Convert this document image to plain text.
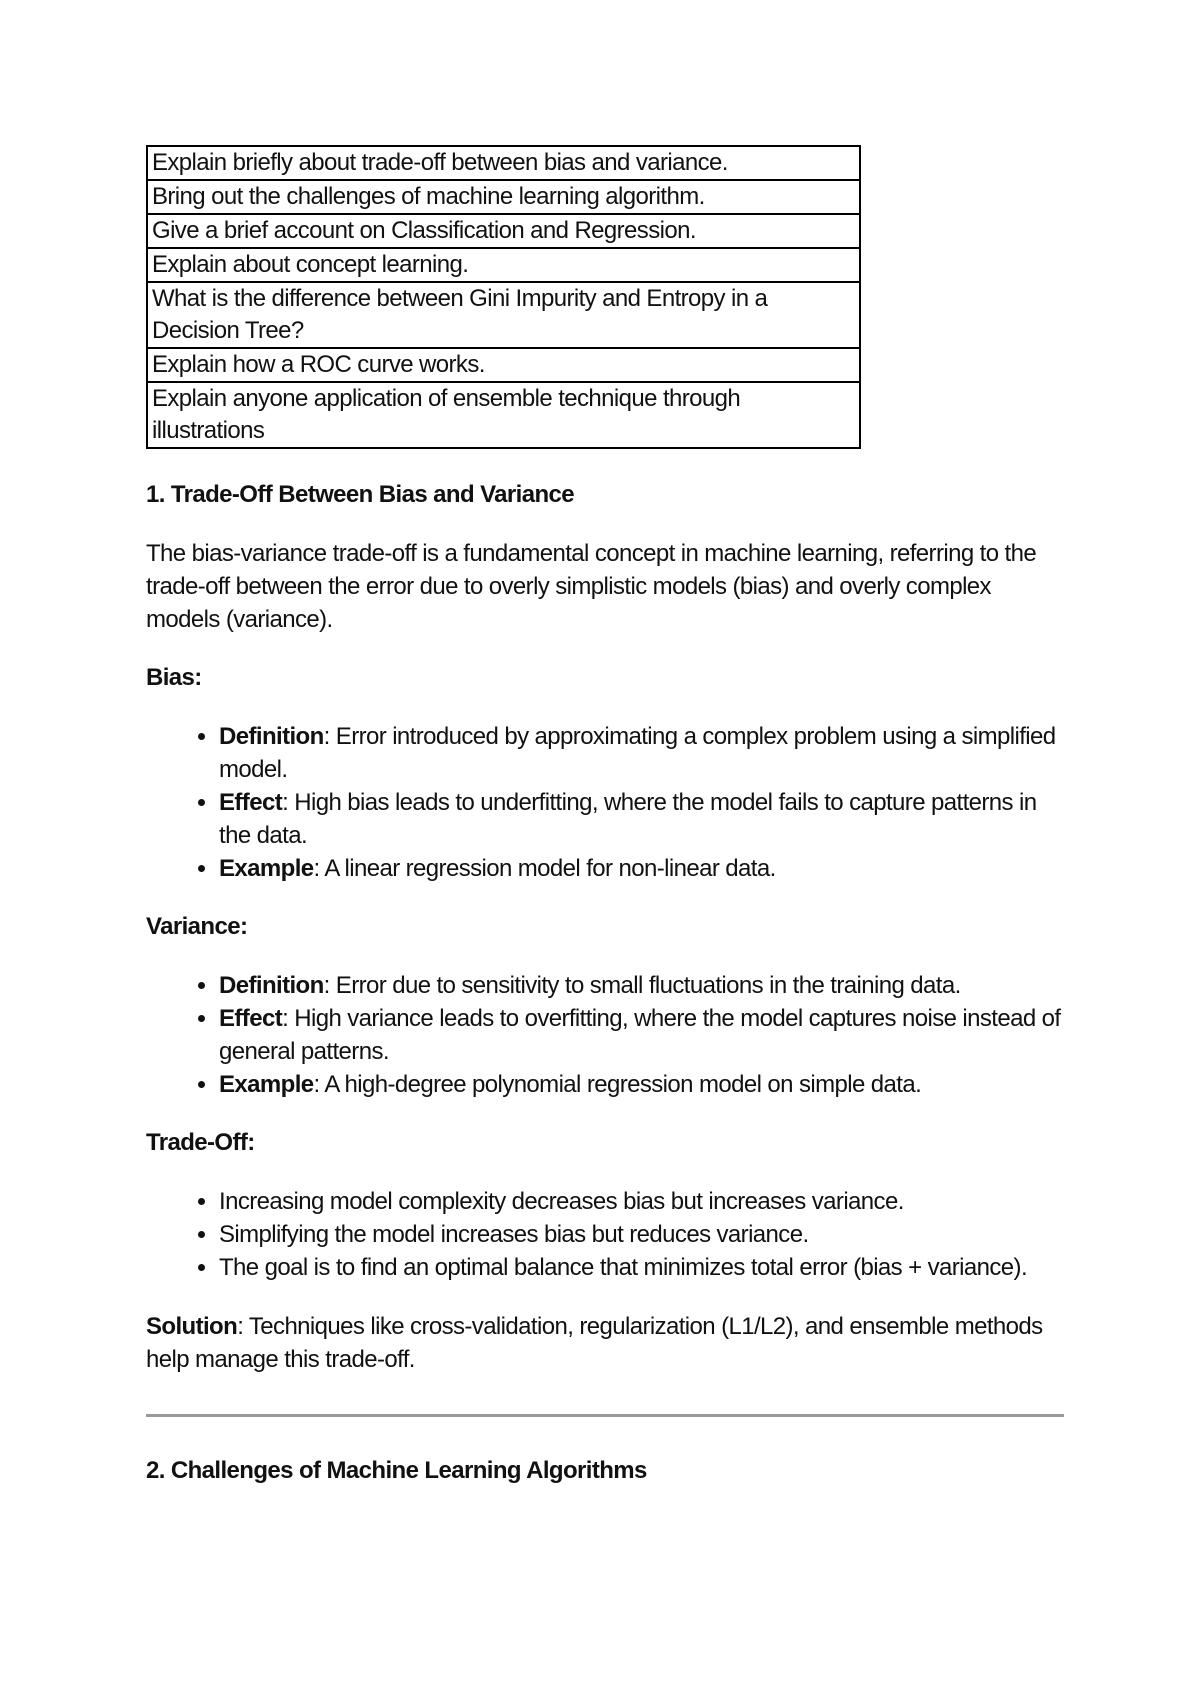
Explain briefly about trade-off between bias and variance.
Bring out the challenges of machine learning algorithm.
Give a brief account on Classification and Regression.
Explain about concept learning.
What is the difference between Gini Impurity and Entropy in a Decision Tree?
Explain how a ROC curve works.
Explain anyone application of ensemble technique through illustrations
1. Trade-Off Between Bias and Variance

The bias-variance trade-off is a fundamental concept in machine learning, referring to the trade-off between the error due to overly simplistic models (bias) and overly complex models (variance).

Bias:
• Definition: Error introduced by approximating a complex problem using a simplified model.
• Effect: High bias leads to underfitting, where the model fails to capture patterns in the data.
• Example: A linear regression model for non-linear data.
Variance:
• Definition: Error due to sensitivity to small fluctuations in the training data.
• Effect: High variance leads to overfitting, where the model captures noise instead of general patterns.
• Example: A high-degree polynomial regression model on simple data.
Trade-Off:
• Increasing model complexity decreases bias but increases variance.
• Simplifying the model increases bias but reduces variance.
• The goal is to find an optimal balance that minimizes total error (bias + variance).

Solution: Techniques like cross-validation, regularization (L1/L2), and ensemble methods help manage this trade-off.

2. Challenges of Machine Learning Algorithms
